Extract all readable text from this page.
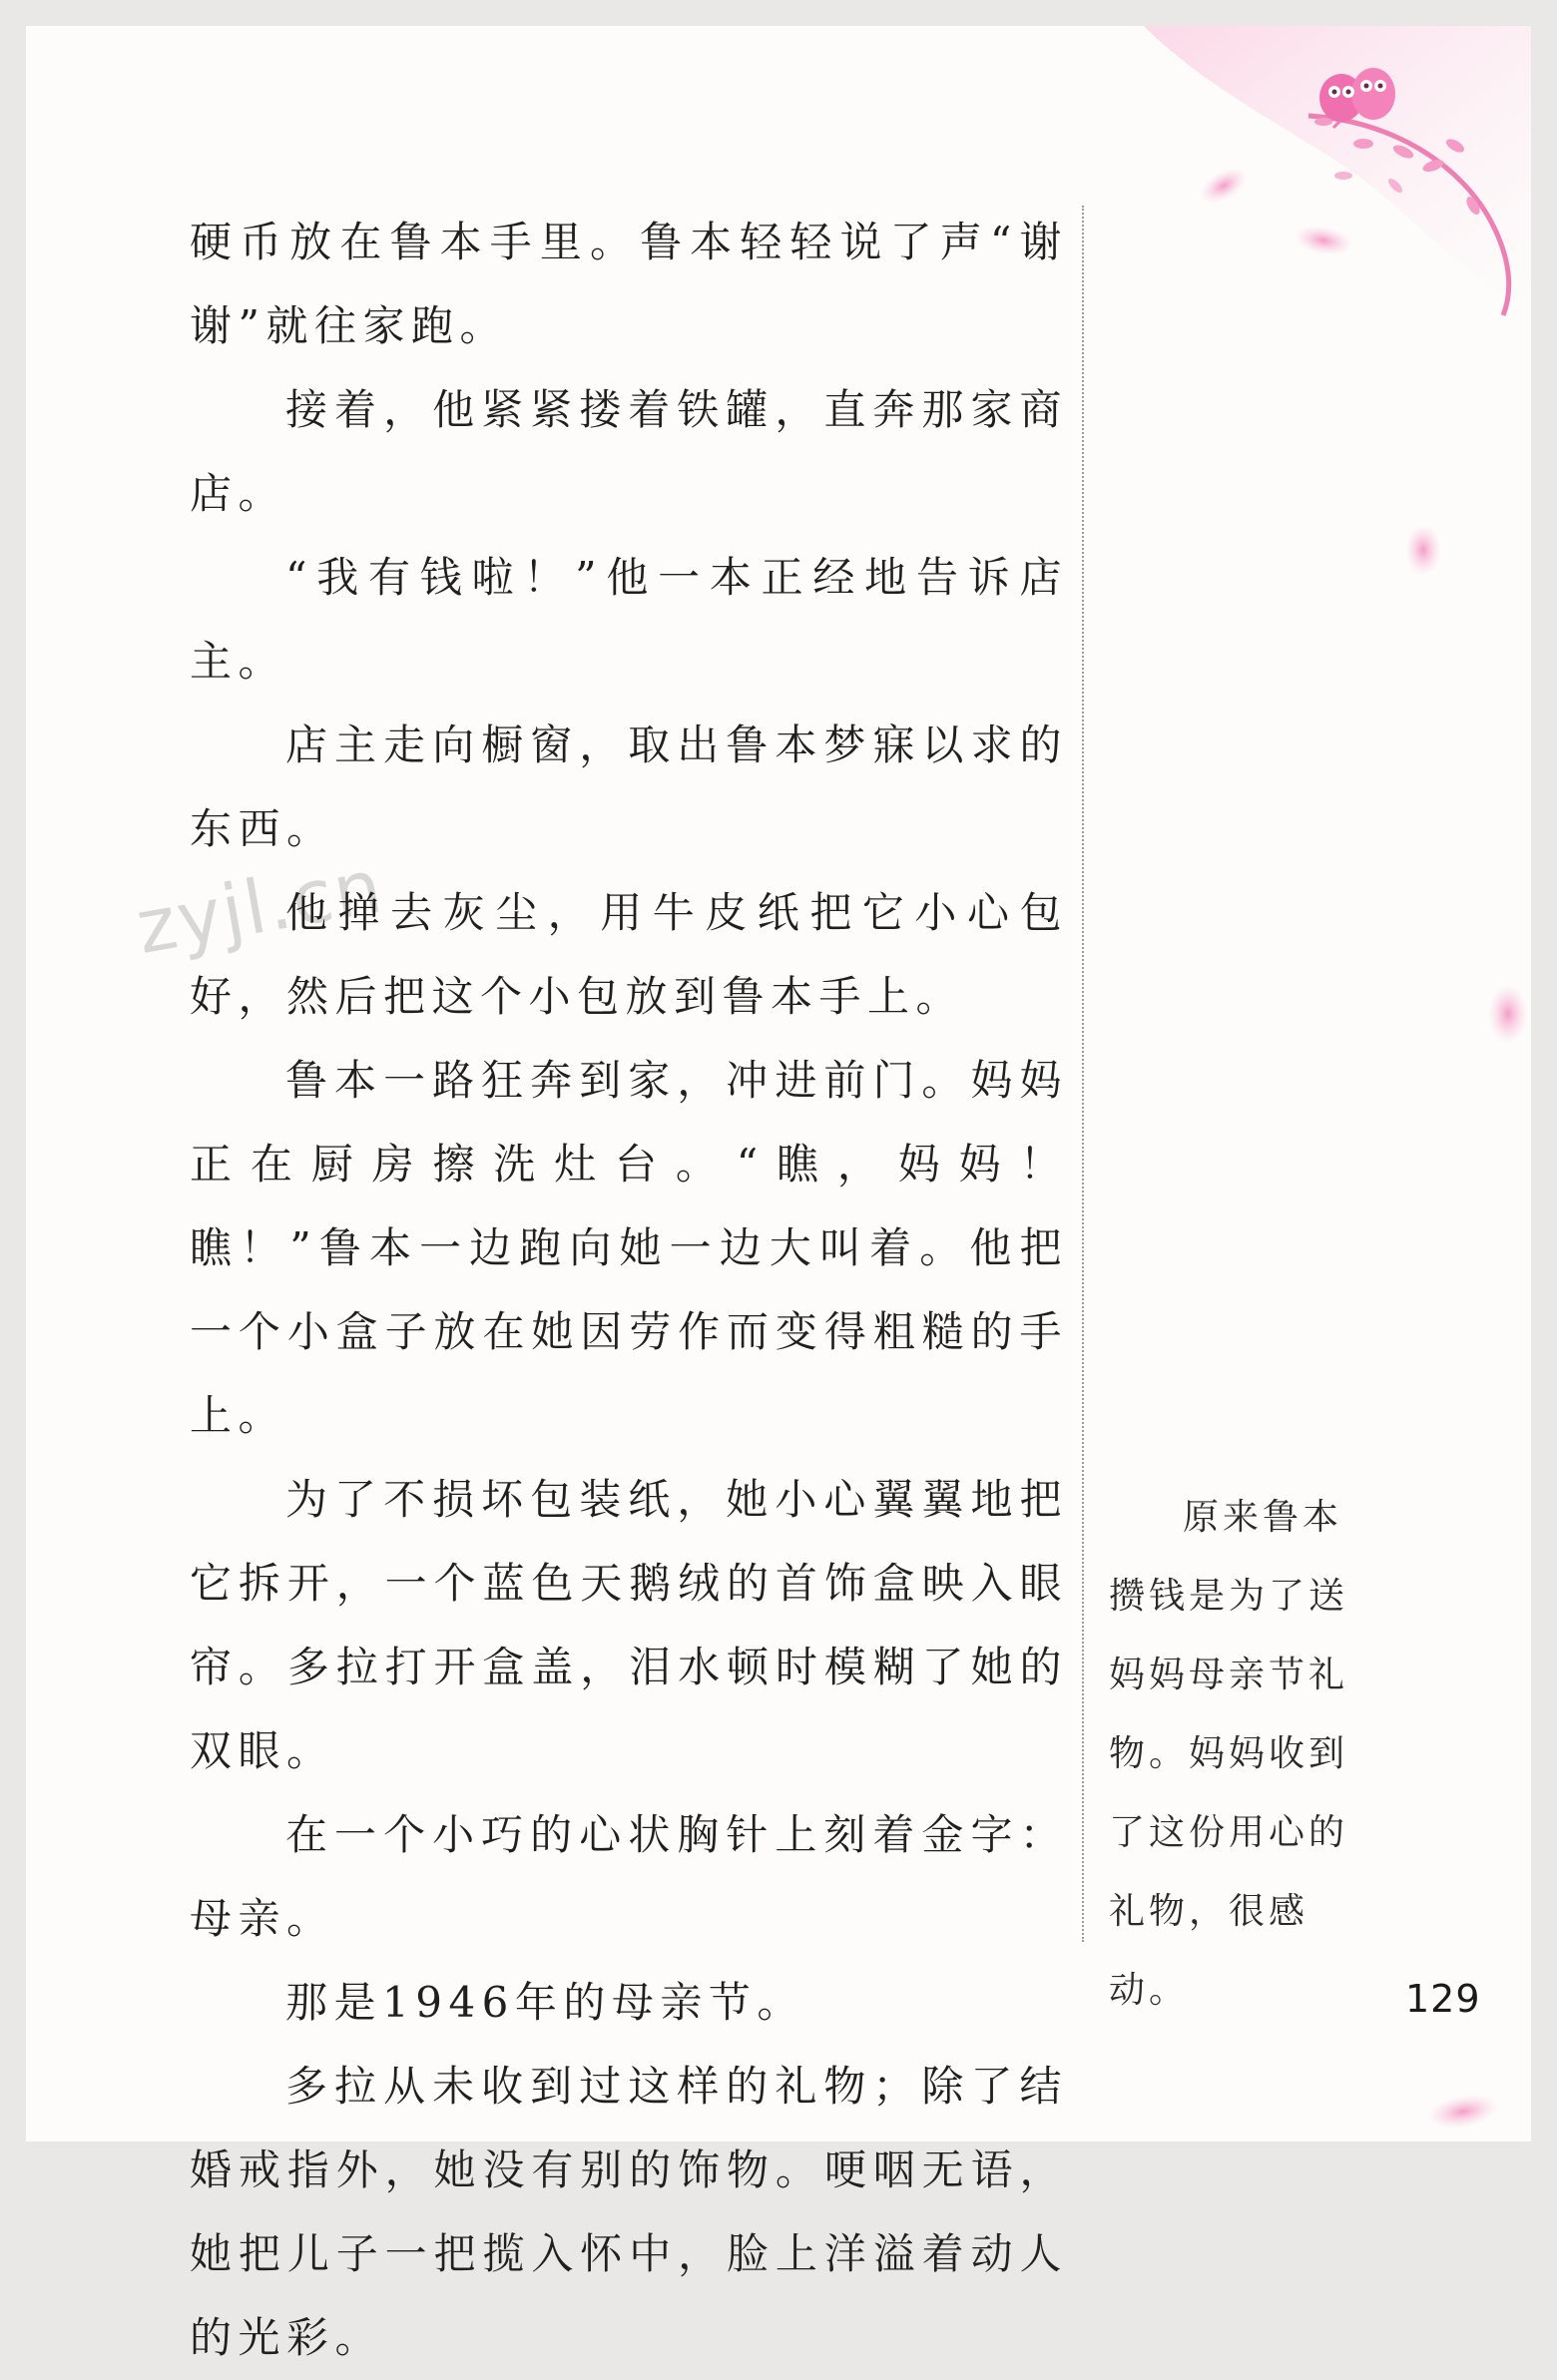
zyjl.cn

硬币放在鲁本手里。鲁本轻轻说了声“谢谢”就往家跑。

接着，他紧紧搂着铁罐，直奔那家商店。

“我有钱啦！”他一本正经地告诉店主。

店主走向橱窗，取出鲁本梦寐以求的东西。

他掸去灰尘，用牛皮纸把它小心包好，然后把这个小包放到鲁本手上。

鲁本一路狂奔到家，冲进前门。妈妈正在厨房擦洗灶台。“瞧，妈妈！瞧！”鲁本一边跑向她一边大叫着。他把一个小盒子放在她因劳作而变得粗糙的手上。

为了不损坏包装纸，她小心翼翼地把它拆开，一个蓝色天鹅绒的首饰盒映入眼帘。多拉打开盒盖，泪水顿时模糊了她的双眼。

在一个小巧的心状胸针上刻着金字：母亲。

那是1946年的母亲节。

多拉从未收到过这样的礼物；除了结婚戒指外，她没有别的饰物。哽咽无语，她把儿子一把揽入怀中，脸上洋溢着动人的光彩。

原来鲁本攒钱是为了送妈妈母亲节礼物。妈妈收到了这份用心的礼物，很感动。	129
